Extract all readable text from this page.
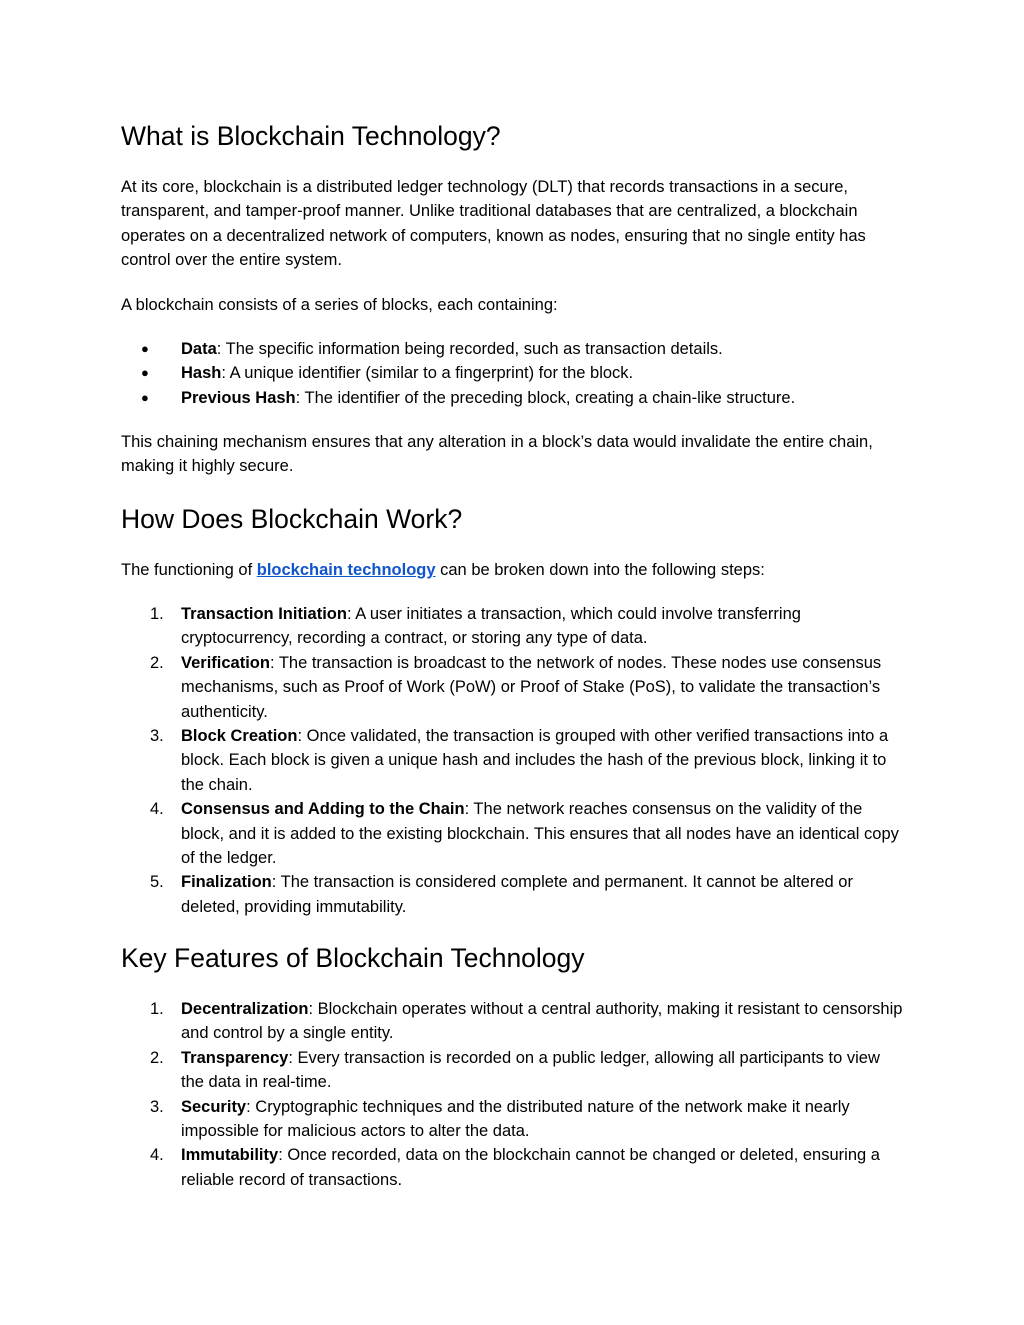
What is Blockchain Technology?

At its core, blockchain is a distributed ledger technology (DLT) that records transactions in a secure, transparent, and tamper-proof manner. Unlike traditional databases that are centralized, a blockchain operates on a decentralized network of computers, known as nodes, ensuring that no single entity has control over the entire system.

A blockchain consists of a series of blocks, each containing:

●	Data: The specific information being recorded, such as transaction details.
●	Hash: A unique identifier (similar to a fingerprint) for the block.
●	Previous Hash: The identifier of the preceding block, creating a chain-like structure.

This chaining mechanism ensures that any alteration in a block’s data would invalidate the entire chain, making it highly secure.

How Does Blockchain Work?

The functioning of blockchain technology can be broken down into the following steps:

1.	Transaction Initiation: A user initiates a transaction, which could involve transferring cryptocurrency, recording a contract, or storing any type of data.
2.	Verification: The transaction is broadcast to the network of nodes. These nodes use consensus mechanisms, such as Proof of Work (PoW) or Proof of Stake (PoS), to validate the transaction’s authenticity.
3.	Block Creation: Once validated, the transaction is grouped with other verified transactions into a block. Each block is given a unique hash and includes the hash of the previous block, linking it to the chain.
4.	Consensus and Adding to the Chain: The network reaches consensus on the validity of the block, and it is added to the existing blockchain. This ensures that all nodes have an identical copy of the ledger.
5.	Finalization: The transaction is considered complete and permanent. It cannot be altered or deleted, providing immutability.
Key Features of Blockchain Technology
1.	Decentralization: Blockchain operates without a central authority, making it resistant to censorship and control by a single entity.
2.	Transparency: Every transaction is recorded on a public ledger, allowing all participants to view the data in real-time.
3.	Security: Cryptographic techniques and the distributed nature of the network make it nearly impossible for malicious actors to alter the data.
4.	Immutability: Once recorded, data on the blockchain cannot be changed or deleted, ensuring a reliable record of transactions.
